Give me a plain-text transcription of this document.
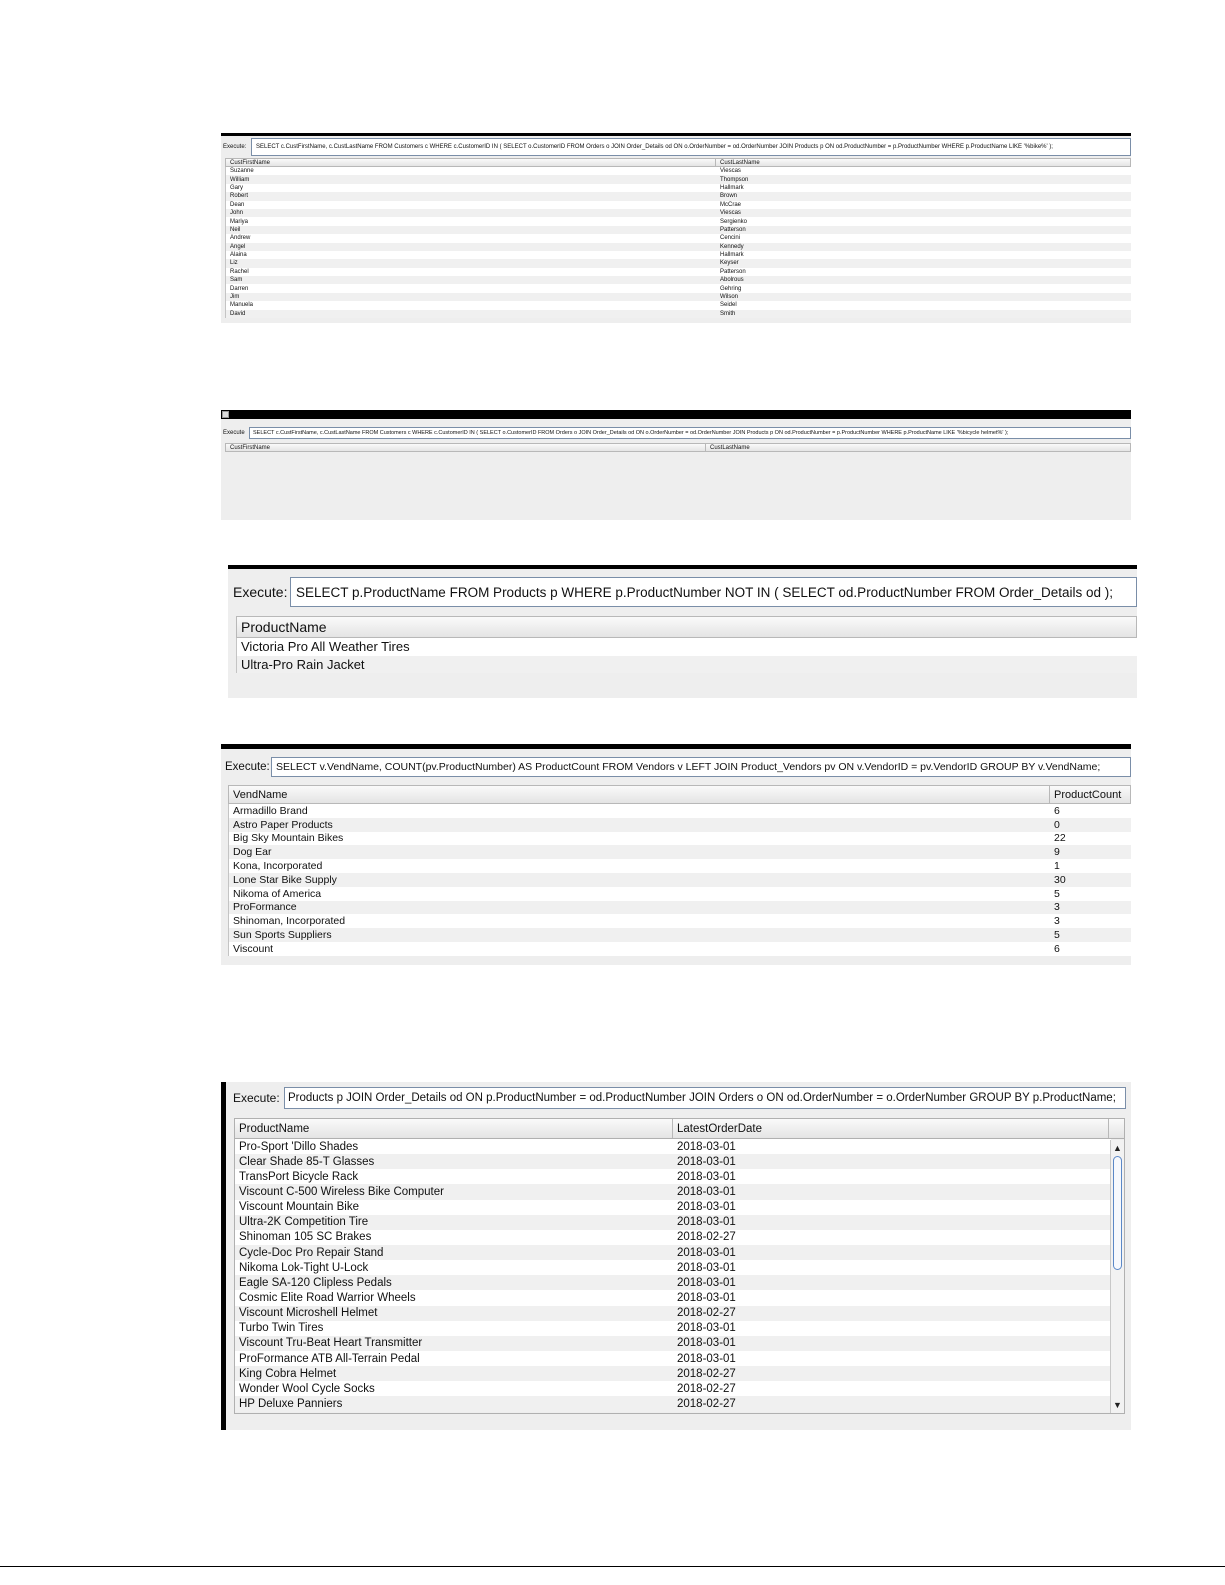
Execute:	SELECT c.CustFirstName, c.CustLastName FROM Customers c WHERE c.CustomerID IN ( SELECT o.CustomerID FROM Orders o JOIN Order_Details od ON o.OrderNumber = od.OrderNumber JOIN Products p ON od.ProductNumber = p.ProductNumber WHERE p.ProductName LIKE '%bike%' );
CustFirstName	CustLastName
Suzanne	Viescas
William	Thompson
Gary	Hallmark
Robert	Brown
Dean	McCrae
John	Viescas
Mariya	Sergienko
Neil	Patterson
Andrew	Cencini
Angel	Kennedy
Alaina	Hallmark
Liz	Keyser
Rachel	Patterson
Sam	Abolrous
Darren	Gehring
Jim	Wilson
Manuela	Seidel
David	Smith
Execute	SELECT c.CustFirstName, c.CustLastName FROM Customers c WHERE c.CustomerID IN ( SELECT o.CustomerID FROM Orders o JOIN Order_Details od ON o.OrderNumber = od.OrderNumber JOIN Products p ON od.ProductNumber = p.ProductNumber WHERE p.ProductName LIKE '%bicycle helmet%' );
CustFirstName	CustLastName
Execute: SELECT p.ProductName FROM Products p WHERE p.ProductNumber NOT IN ( SELECT od.ProductNumber FROM Order_Details od );
ProductName
Victoria Pro All Weather Tires
Ultra-Pro Rain Jacket
Execute: SELECT v.VendName, COUNT(pv.ProductNumber) AS ProductCount FROM Vendors v LEFT JOIN Product_Vendors pv ON v.VendorID = pv.VendorID GROUP BY v.VendName;
VendName	ProductCount
Armadillo Brand	6
Astro Paper Products	0
Big Sky Mountain Bikes	22
Dog Ear	9
Kona, Incorporated	1
Lone Star Bike Supply	30
Nikoma of America	5
ProFormance	3
Shinoman, Incorporated	3
Sun Sports Suppliers	5
Viscount	6
Execute: Products p JOIN Order_Details od ON p.ProductNumber = od.ProductNumber JOIN Orders o ON od.OrderNumber = o.OrderNumber GROUP BY p.ProductName;
ProductName	LatestOrderDate
Pro-Sport 'Dillo Shades	2018-03-01
Clear Shade 85-T Glasses	2018-03-01
TransPort Bicycle Rack	2018-03-01
Viscount C-500 Wireless Bike Computer	2018-03-01
Viscount Mountain Bike	2018-03-01
Ultra-2K Competition Tire	2018-03-01
Shinoman 105 SC Brakes	2018-02-27
Cycle-Doc Pro Repair Stand	2018-03-01
Nikoma Lok-Tight U-Lock	2018-03-01
Eagle SA-120 Clipless Pedals	2018-03-01
Cosmic Elite Road Warrior Wheels	2018-03-01
Viscount Microshell Helmet	2018-02-27
Turbo Twin Tires	2018-03-01
Viscount Tru-Beat Heart Transmitter	2018-03-01
ProFormance ATB All-Terrain Pedal	2018-03-01
King Cobra Helmet	2018-02-27
Wonder Wool Cycle Socks	2018-02-27
HP Deluxe Panniers	2018-02-27
▲
▼
